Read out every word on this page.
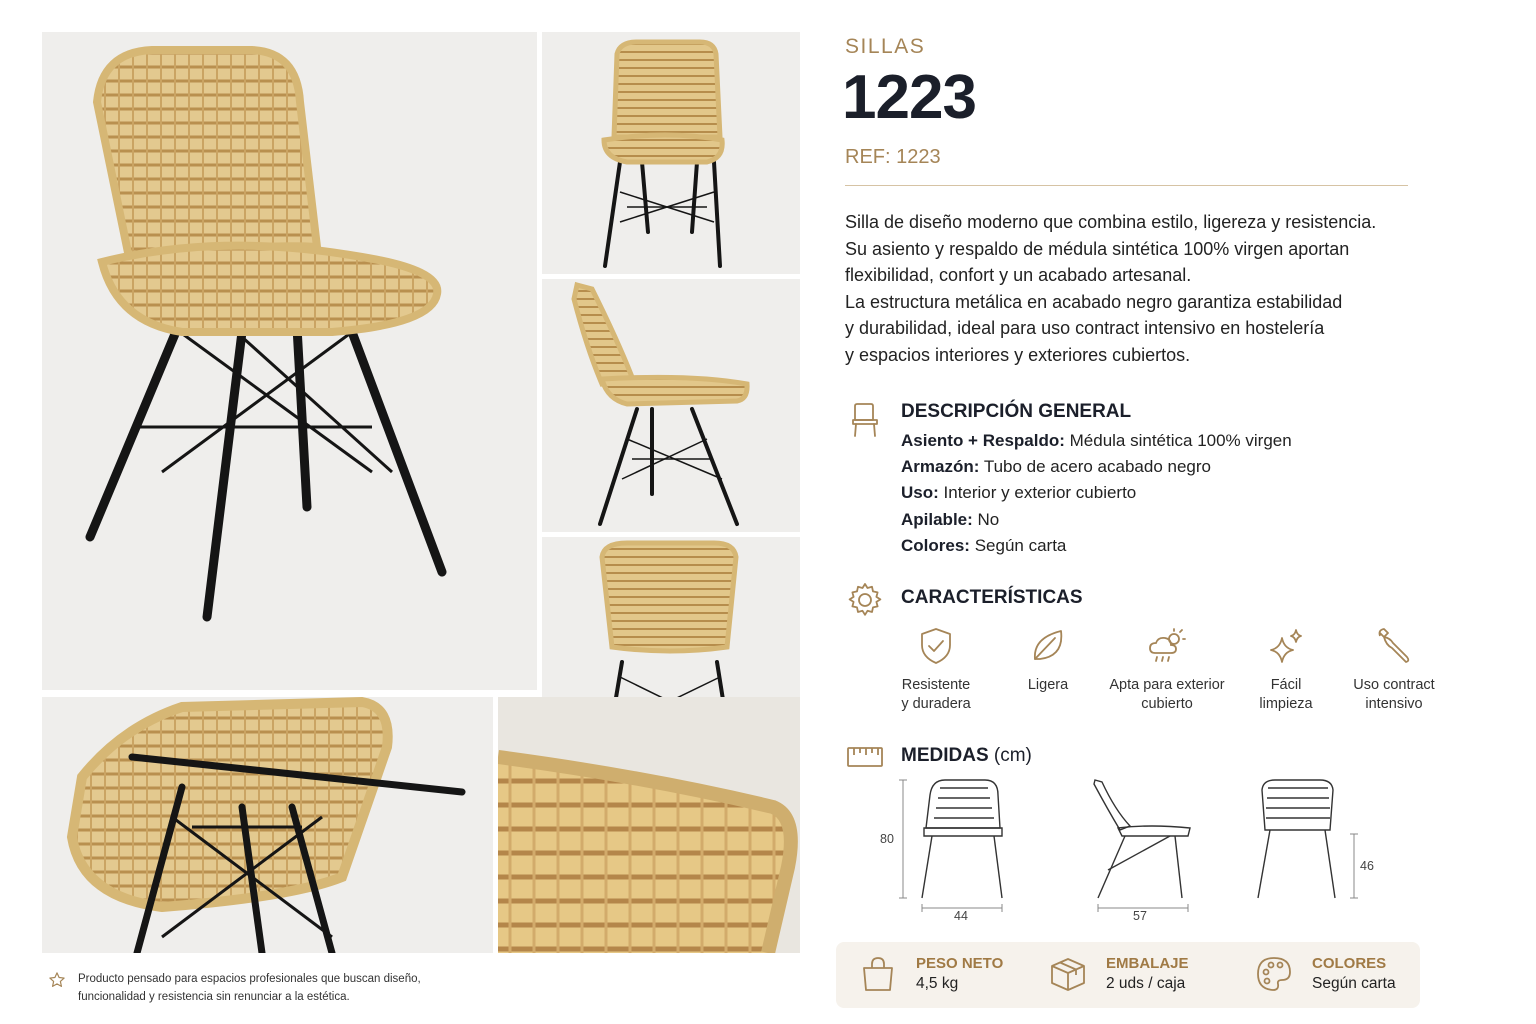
Producto pensado para espacios profesionales que buscan diseño,
funcionalidad y resistencia sin renunciar a la estética.

SILLAS
1223
REF: 1223
Silla de diseño moderno que combina estilo, ligereza y resistencia.
Su asiento y respaldo de médula sintética 100% virgen aportan
flexibilidad, confort y un acabado artesanal.
La estructura metálica en acabado negro garantiza estabilidad
y durabilidad, ideal para uso contract intensivo en hostelería
y espacios interiores y exteriores cubiertos.
DESCRIPCIÓN GENERAL
Asiento + Respaldo: Médula sintética 100% virgen
Armazón: Tubo de acero acabado negro
Uso: Interior y exterior cubierto
Apilable: No
Colores: Según carta
CARACTERÍSTICAS
Resistente
y duradera
Ligera	Apta para exterior
cubierto
Fácil
limpieza
Uso contract
intensivo
MEDIDAS (cm)
80
44	57
46
PESO NETO
4,5 kg
EMBALAJE
2 uds / caja
COLORES
Según carta
